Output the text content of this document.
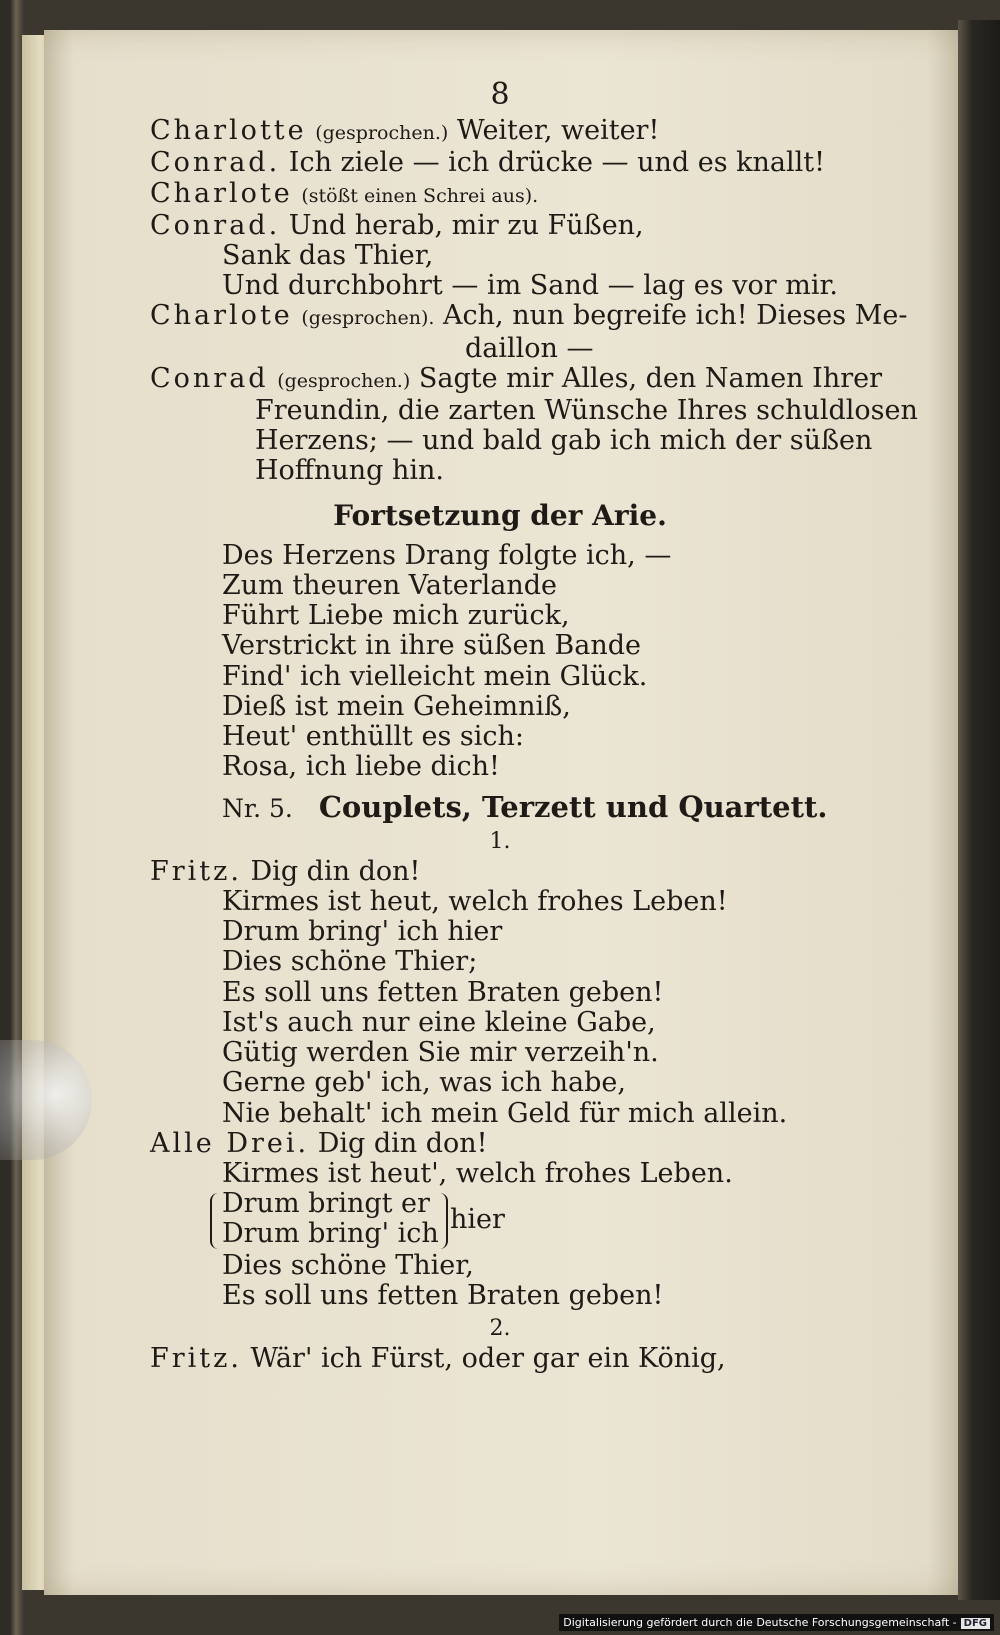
8
Charlotte (gesprochen.) Weiter, weiter!
Conrad. Ich ziele — ich drücke — und es knallt!
Charlote (stößt einen Schrei aus).
Conrad. Und herab, mir zu Füßen,
Sank das Thier,
Und durchbohrt — im Sand — lag es vor mir.
Charlote (gesprochen). Ach, nun begreife ich! Dieses Me-
daillon —
Conrad (gesprochen.) Sagte mir Alles, den Namen Ihrer
Freundin, die zarten Wünsche Ihres schuldlosen
Herzens; — und bald gab ich mich der süßen
Hoffnung hin.
Fortsetzung der Arie.
Des Herzens Drang folgte ich, —
Zum theuren Vaterlande
Führt Liebe mich zurück,
Verstrickt in ihre süßen Bande
Find' ich vielleicht mein Glück.
Dieß ist mein Geheimniß,
Heut' enthüllt es sich:
Rosa, ich liebe dich!
Nr. 5. Couplets, Terzett und Quartett.
1.
Fritz. Dig din don!
Kirmes ist heut, welch frohes Leben!
Drum bring' ich hier
Dies schöne Thier;
Es soll uns fetten Braten geben!
Ist's auch nur eine kleine Gabe,
Gütig werden Sie mir verzeih'n.
Gerne geb' ich, was ich habe,
Nie behalt' ich mein Geld für mich allein.
Alle Drei. Dig din don!
Kirmes ist heut', welch frohes Leben.
Drum bringt er
Drum bring' ich hier
Dies schöne Thier,
Es soll uns fetten Braten geben!
2.
Fritz. Wär' ich Fürst, oder gar ein König,
Digitalisierung gefördert durch die Deutsche Forschungsgemeinschaft - DFG
